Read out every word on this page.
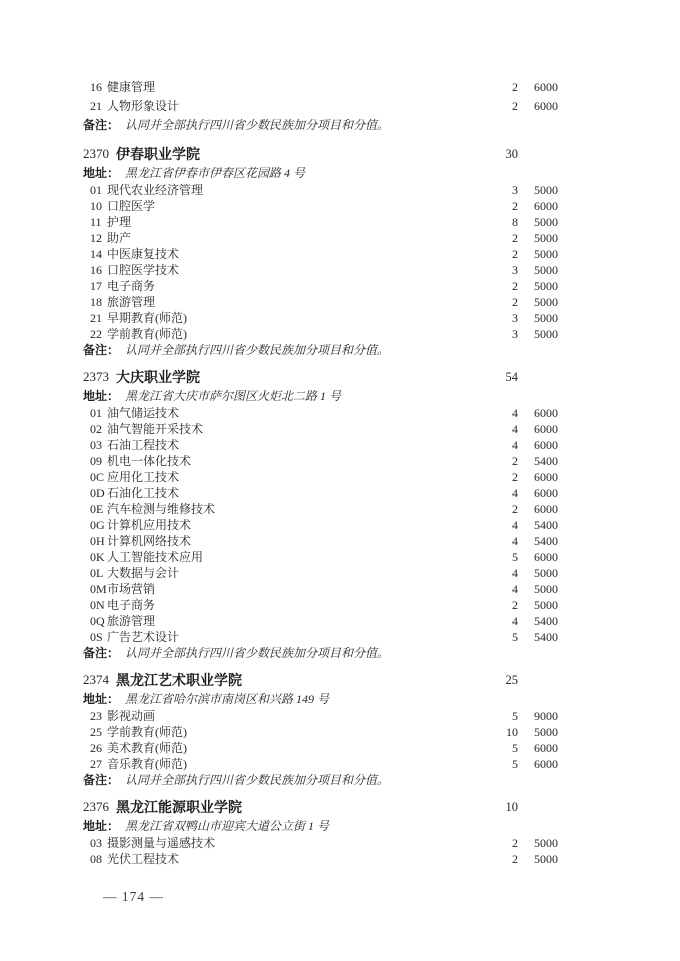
16 健康管理	2	6000
21 人物形象设计	2	6000
备注： 认同并全部执行四川省少数民族加分项目和分值。
2370 伊春职业学院	30
地址： 黑龙江省伊春市伊春区花园路 4 号
01 现代农业经济管理	3	5000
10 口腔医学	2	6000
11 护理	8	5000
12 助产	2	5000
14 中医康复技术	2	5000
16 口腔医学技术	3	5000
17 电子商务	2	5000
18 旅游管理	2	5000
21 早期教育(师范)	3	5000
22 学前教育(师范)	3	5000
备注： 认同并全部执行四川省少数民族加分项目和分值。
2373 大庆职业学院	54
地址： 黑龙江省大庆市萨尔图区火炬北二路 1 号
01 油气储运技术	4	6000
02 油气智能开采技术	4	6000
03 石油工程技术	4	6000
09 机电一体化技术	2	5400
0C 应用化工技术	2	6000
0D 石油化工技术	4	6000
0E 汽车检测与维修技术	2	6000
0G 计算机应用技术	4	5400
0H 计算机网络技术	4	5400
0K 人工智能技术应用	5	6000
0L 大数据与会计	4	5000
0M 市场营销	4	5000
0N 电子商务	2	5000
0Q 旅游管理	4	5400
0S 广告艺术设计	5	5400
备注： 认同并全部执行四川省少数民族加分项目和分值。
2374 黑龙江艺术职业学院	25
地址： 黑龙江省哈尔滨市南岗区和兴路 149 号
23 影视动画	5	9000
25 学前教育(师范)	10	5000
26 美术教育(师范)	5	6000
27 音乐教育(师范)	5	6000
备注： 认同并全部执行四川省少数民族加分项目和分值。
2376 黑龙江能源职业学院	10
地址： 黑龙江省双鸭山市迎宾大道公立街 1 号
03 摄影测量与遥感技术	2	5000
08 光伏工程技术	2	5000
— 174 —
